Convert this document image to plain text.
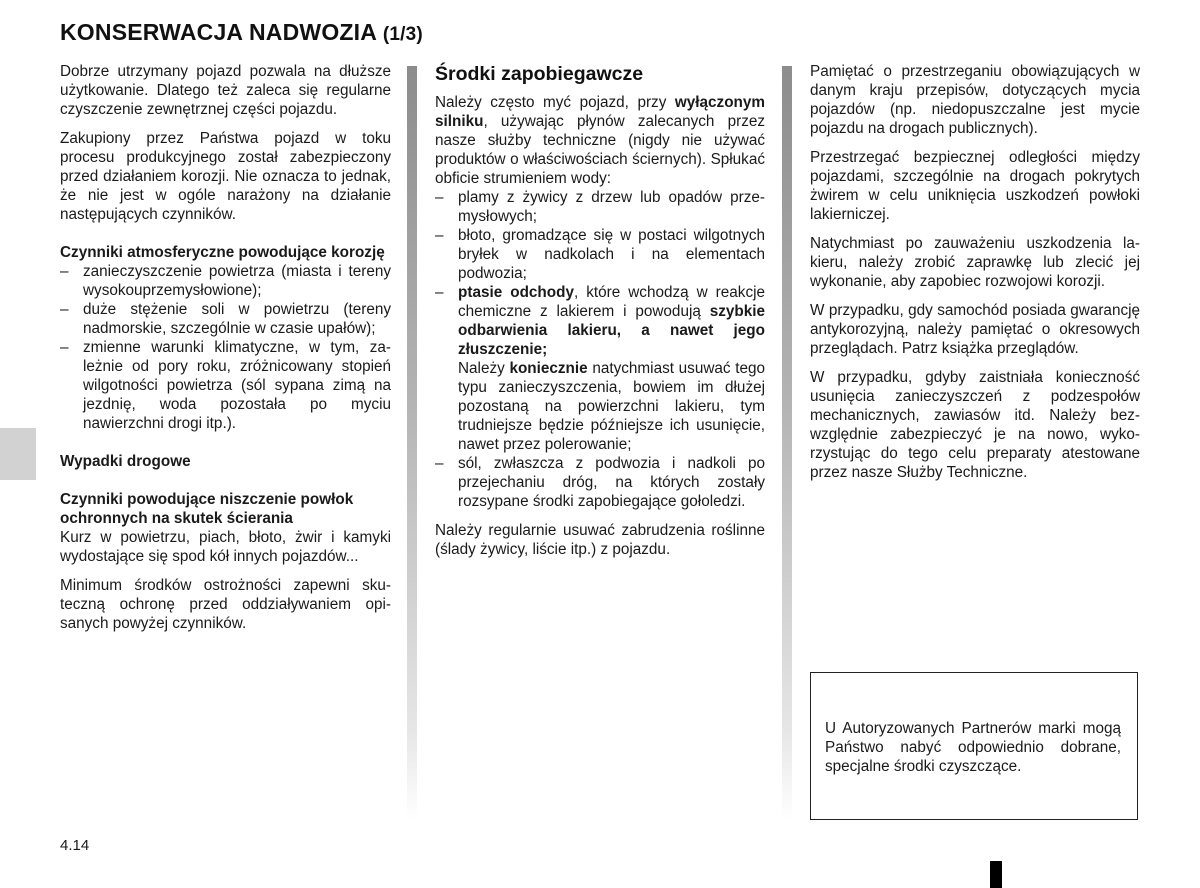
KONSERWACJA NADWOZIA (1/3)

Dobrze utrzymany pojazd pozwala na dłuższe użytkowanie. Dlatego też zaleca się regularne czyszczenie zewnętrznej części pojazdu.

Zakupiony przez Państwa pojazd w toku procesu produkcyjnego został zabezpieczony przed działaniem korozji. Nie oznacza to jednak, że nie jest w ogóle narażony na działanie następujących czynników.

Czynniki atmosferyczne powodujące korozję

– zanieczyszczenie powietrza (miasta i tereny wysokouprzemysłowione);
– duże stężenie soli w powietrzu (tereny nadmorskie, szczególnie w czasie upałów);
– zmienne warunki klimatyczne, w tym, zależnie od pory roku, zróżnicowany stopień wilgotności powietrza (sól sypana zimą na jezdnię, woda pozostała po myciu nawierzchni drogi itp.).

Wypadki drogowe

Czynniki powodujące niszczenie powłok ochronnych na skutek ścierania

Kurz w powietrzu, piach, błoto, żwir i kamyki wydostające się spod kół innych pojazdów...

Minimum środków ostrożności zapewni skuteczną ochronę przed oddziaływaniem opisanych powyżej czynników.

Środki zapobiegawcze

Należy często myć pojazd, przy wyłączonym silniku, używając płynów zalecanych przez nasze służby techniczne (nigdy nie używać produktów o właściwościach ściernych). Spłukać obficie strumieniem wody:

– plamy z żywicy z drzew lub opadów przemysłowych;
– błoto, gromadzące się w postaci wilgotnych bryłek w nadkolach i na elementach podwozia;
– ptasie odchody, które wchodzą w reakcje chemiczne z lakierem i powodują szybkie odbarwienia lakieru, a nawet jego złuszczenie;
Należy koniecznie natychmiast usuwać tego typu zanieczyszczenia, bowiem im dłużej pozostaną na powierzchni lakieru, tym trudniejsze będzie późniejsze ich usunięcie, nawet przez polerowanie;
– sól, zwłaszcza z podwozia i nadkoli po przejechaniu dróg, na których zostały rozsypane środki zapobiegające gołoledzi.

Należy regularnie usuwać zabrudzenia roślinne (ślady żywicy, liście itp.) z pojazdu.

Pamiętać o przestrzeganiu obowiązujących w danym kraju przepisów, dotyczących mycia pojazdów (np. niedopuszczalne jest mycie pojazdu na drogach publicznych).

Przestrzegać bezpiecznej odległości między pojazdami, szczególnie na drogach pokrytych żwirem w celu uniknięcia uszkodzeń powłoki lakierniczej.

Natychmiast po zauważeniu uszkodzenia lakieru, należy zrobić zaprawkę lub zlecić jej wykonanie, aby zapobiec rozwojowi korozji.

W przypadku, gdy samochód posiada gwarancję antykorozyjną, należy pamiętać o okresowych przeglądach. Patrz książka przeglądów.

W przypadku, gdyby zaistniała konieczność usunięcia zanieczyszczeń z podzespołów mechanicznych, zawiasów itd. Należy bezwzględnie zabezpieczyć je na nowo, wykorzystując do tego celu preparaty atestowane przez nasze Służby Techniczne.

U Autoryzowanych Partnerów marki mogą Państwo nabyć odpowiednio dobrane, specjalne środki czyszczące.

4.14
